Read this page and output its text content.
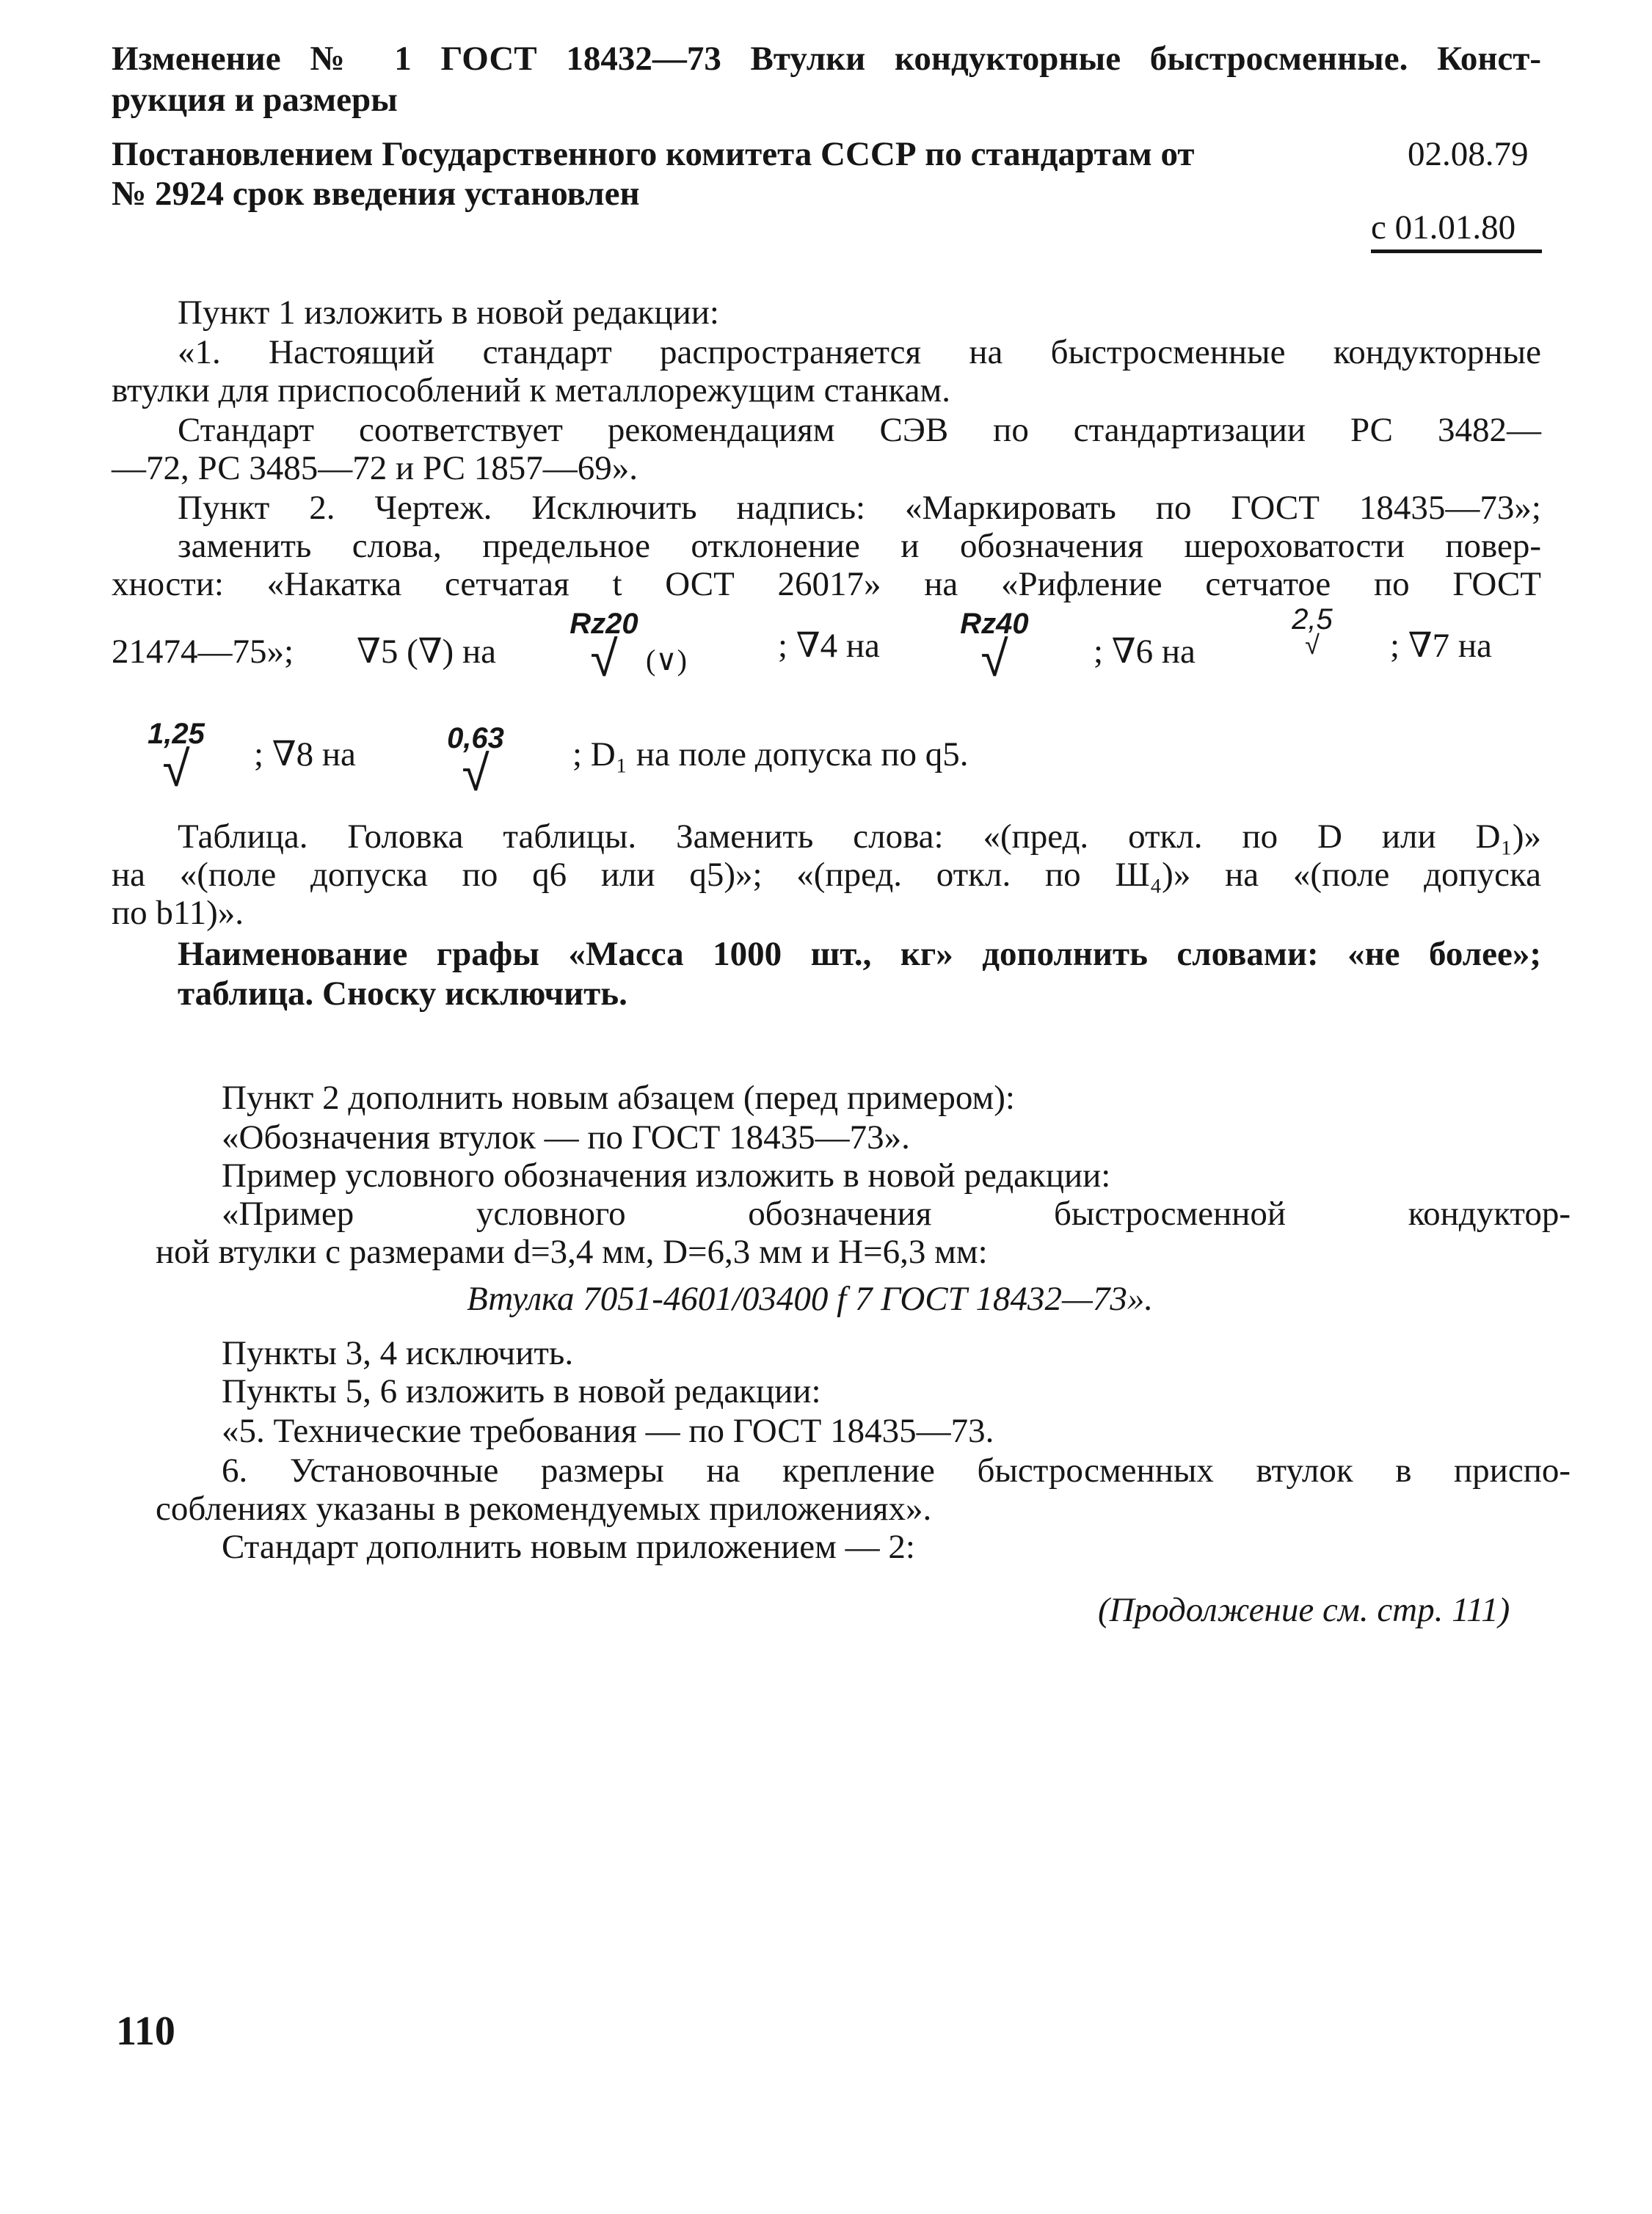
Изменение № 1 ГОСТ 18432—73 Втулки кондукторные быстросменные. Конст-
рукция и размеры
Постановлением Государственного комитета СССР по стандартам от	02.08.79
№ 2924 срок введения установлен
с 01.01.80
Пункт 1 изложить в новой редакции:
«1. Настоящий стандарт распространяется на быстросменные кондукторные
втулки для приспособлений к металлорежущим станкам.
Стандарт соответствует рекомендациям СЭВ по стандартизации РС 3482—
—72, РС 3485—72 и РС 1857—69».
Пункт 2. Чертеж. Исключить надпись: «Маркировать по ГОСТ 18435—73»;
заменить слова, предельное отклонение и обозначения шероховатости повер-
хности: «Накатка сетчатая t ОСТ 26017» на «Рифление сетчатое по ГОСТ
21474—75»; ∇5 (∇) на
Rz20
√ (∨)	; ∇4 на
Rz40
√	; ∇6 на
2,5
√	; ∇7 на
1,25
√	; ∇8 на	0,63
√	; D₁ на поле допуска по q5.
Таблица. Головка таблицы. Заменить слова: «(пред. откл. по D или D₁)»
на «(поле допуска по q6 или q5)»; «(пред. откл. по Ш₄)» на «(поле допуска
по b11)».
Наименование графы «Масса 1000 шт., кг» дополнить словами: «не более»;
таблица. Сноску исключить.
Пункт 2 дополнить новым абзацем (перед примером):
«Обозначения втулок — по ГОСТ 18435—73».
Пример условного обозначения изложить в новой редакции:
«Пример условного обозначения быстросменной кондуктор-
ной втулки с размерами d=3,4 мм, D=6,3 мм и H=6,3 мм:
Втулка 7051-4601/03400 f 7 ГОСТ 18432—73».
Пункты 3, 4 исключить.
Пункты 5, 6 изложить в новой редакции:
«5. Технические требования — по ГОСТ 18435—73.
6. Установочные размеры на крепление быстросменных втулок в приспо-
соблениях указаны в рекомендуемых приложениях».
Стандарт дополнить новым приложением — 2:
(Продолжение см. стр. 111)
110
